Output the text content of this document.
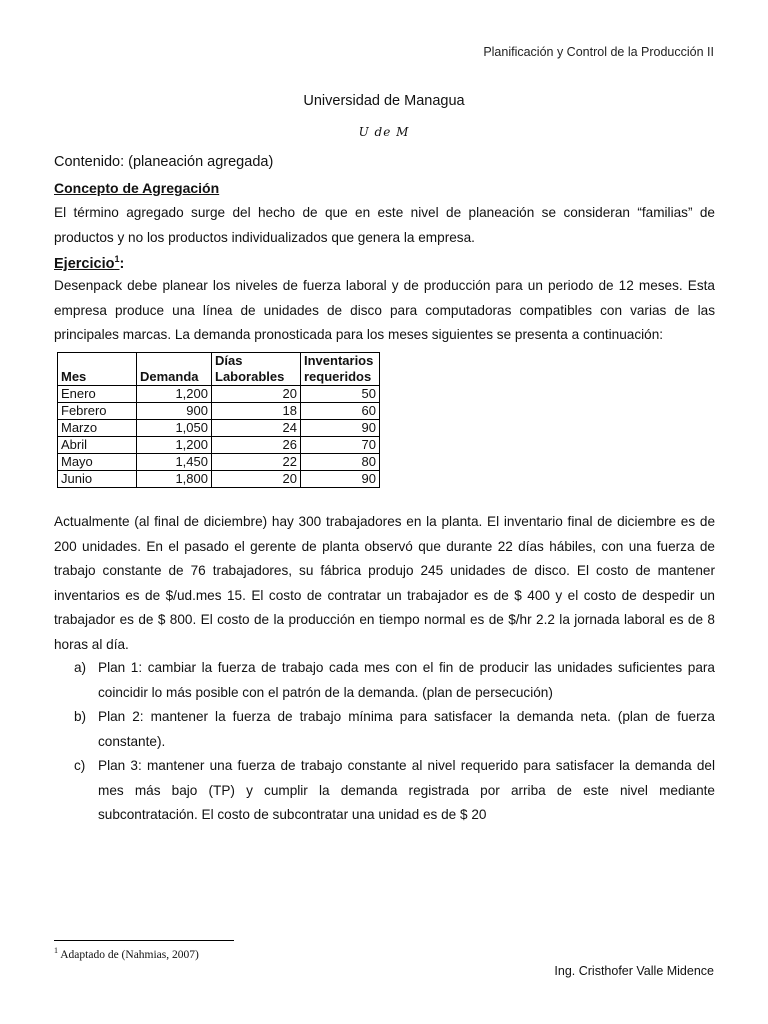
Planificación y Control de la Producción II
Universidad de Managua
U de M
Contenido: (planeación agregada)
Concepto de Agregación

El término agregado surge del hecho de que en este nivel de planeación se consideran “familias” de productos y no los productos individualizados que genera la empresa.

Ejercicio$^1$:

Desenpack debe planear los niveles de fuerza laboral y de producción para un periodo de 12 meses. Esta empresa produce una línea de unidades de disco para computadoras compatibles con varias de las principales marcas. La demanda pronosticada para los meses siguientes se presenta a continuación:

Mes	Demanda	Días Laborables	Inventarios requeridos
Enero	1,200	20	50
Febrero	900	18	60
Marzo	1,050	24	90
Abril	1,200	26	70
Mayo	1,450	22	80
Junio	1,800	20	90

Actualmente (al final de diciembre) hay 300 trabajadores en la planta. El inventario final de diciembre es de 200 unidades. En el pasado el gerente de planta observó que durante 22 días hábiles, con una fuerza de trabajo constante de 76 trabajadores, su fábrica produjo 245 unidades de disco. El costo de mantener inventarios es de $/ud.mes 15. El costo de contratar un trabajador es de $ 400 y el costo de despedir un trabajador es de $ 800. El costo de la producción en tiempo normal es de $/hr 2.2 la jornada laboral es de 8 horas al día.

a) Plan 1: cambiar la fuerza de trabajo cada mes con el fin de producir las unidades suficientes para coincidir lo más posible con el patrón de la demanda. (plan de persecución)
b) Plan 2: mantener la fuerza de trabajo mínima para satisfacer la demanda neta. (plan de fuerza constante).
c) Plan 3: mantener una fuerza de trabajo constante al nivel requerido para satisfacer la demanda del mes más bajo (TP) y cumplir la demanda registrada por arriba de este nivel mediante subcontratación. El costo de subcontratar una unidad es de $ 20
$^1$ Adaptado de (Nahmias, 2007)
Ing. Cristhofer Valle Midence
